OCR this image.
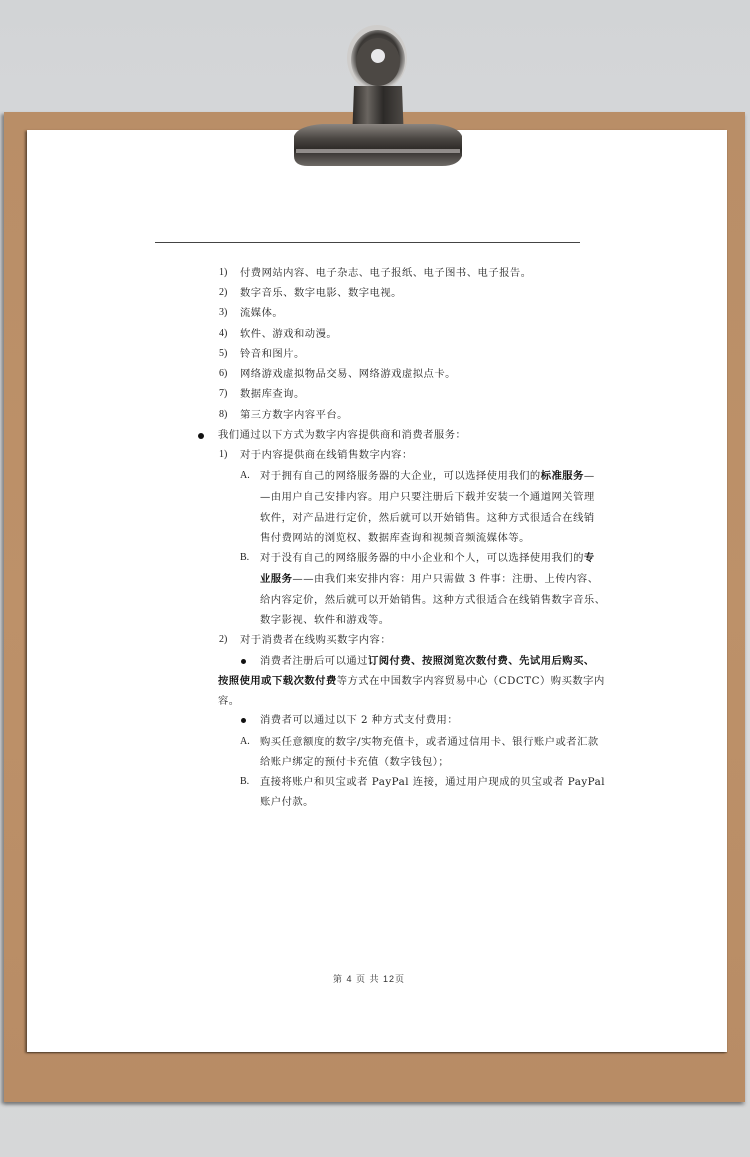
1) 付费网站内容、电子杂志、电子报纸、电子图书、电子报告。
2) 数字音乐、数字电影、数字电视。
3) 流媒体。
4) 软件、游戏和动漫。
5) 铃音和图片。
6) 网络游戏虚拟物品交易、网络游戏虚拟点卡。
7) 数据库查询。
8) 第三方数字内容平台。
我们通过以下方式为数字内容提供商和消费者服务：
1) 对于内容提供商在线销售数字内容：
A. 对于拥有自己的网络服务器的大企业，可以选择使用我们的标准服务—
—由用户自己安排内容。用户只要注册后下载并安装一个通道网关管理
软件，对产品进行定价，然后就可以开始销售。这种方式很适合在线销
售付费网站的浏览权、数据库查询和视频音频流媒体等。
B. 对于没有自己的网络服务器的中小企业和个人，可以选择使用我们的专
业服务——由我们来安排内容：用户只需做 3 件事：注册、上传内容、
给内容定价，然后就可以开始销售。这种方式很适合在线销售数字音乐、
数字影视、软件和游戏等。
2) 对于消费者在线购买数字内容：
消费者注册后可以通过订阅付费、按照浏览次数付费、先试用后购买、
按照使用或下载次数付费等方式在中国数字内容贸易中心（CDCTC）购买数字内
容。
消费者可以通过以下 2 种方式支付费用：
A. 购买任意额度的数字/实物充值卡，或者通过信用卡、银行账户或者汇款
给账户绑定的预付卡充值（数字钱包）；
B. 直接将账户和贝宝或者 PayPal 连接，通过用户现成的贝宝或者 PayPal
账户付款。
第 4 页 共 12页
